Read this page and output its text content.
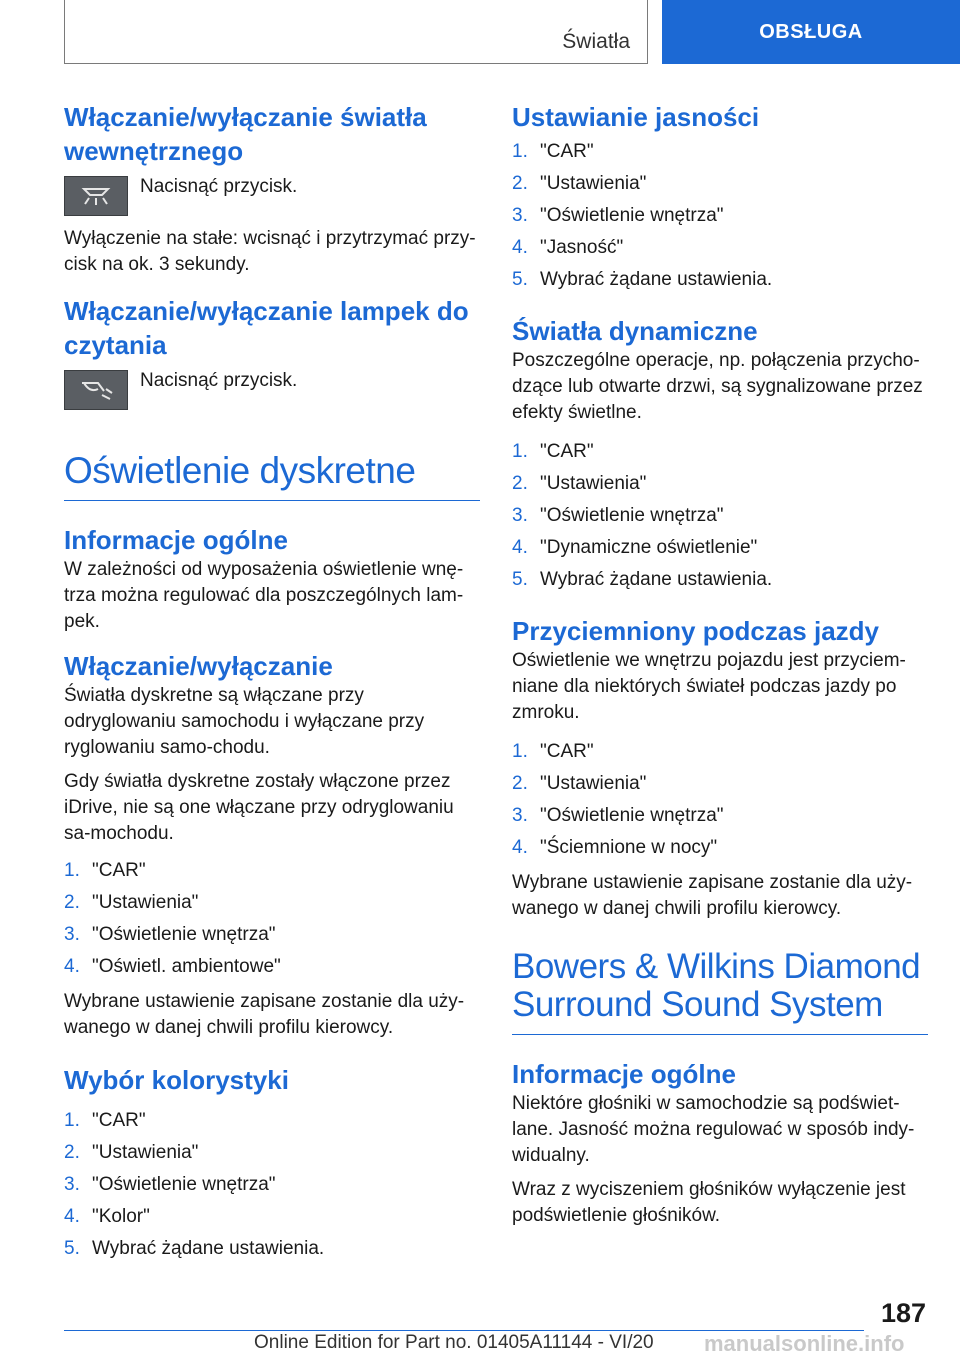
Światła	OBSŁUGA
Włączanie/wyłączanie światła wewnętrznego
Nacisnąć przycisk.

Wyłączenie na stałe: wcisnąć i przytrzymać przy-cisk na ok. 3 sekundy.

Włączanie/wyłączanie lampek do czytania
Nacisnąć przycisk.
Oświetlenie dyskretne
Informacje ogólne

W zależności od wyposażenia oświetlenie wnę-trza można regulować dla poszczególnych lam-pek.

Włączanie/wyłączanie

Światła dyskretne są włączane przy odryglowaniu samochodu i wyłączane przy ryglowaniu samo-chodu.

Gdy światła dyskretne zostały włączone przez iDrive, nie są one włączane przy odryglowaniu sa-mochodu.

1. "CAR"
2. "Ustawienia"
3. "Oświetlenie wnętrza"
4. "Oświetl. ambientowe"

Wybrane ustawienie zapisane zostanie dla uży-wanego w danej chwili profilu kierowcy.

Wybór kolorystyki
1. "CAR"
2. "Ustawienia"
3. "Oświetlenie wnętrza"
4. "Kolor"
5. Wybrać żądane ustawienia.
Ustawianie jasności
1. "CAR"
2. "Ustawienia"
3. "Oświetlenie wnętrza"
4. "Jasność"
5. Wybrać żądane ustawienia.
Światła dynamiczne

Poszczególne operacje, np. połączenia przycho-dzące lub otwarte drzwi, są sygnalizowane przez efekty świetlne.

1. "CAR"
2. "Ustawienia"
3. "Oświetlenie wnętrza"
4. "Dynamiczne oświetlenie"
5. Wybrać żądane ustawienia.
Przyciemniony podczas jazdy

Oświetlenie we wnętrzu pojazdu jest przyciem-niane dla niektórych świateł podczas jazdy po zmroku.

1. "CAR"
2. "Ustawienia"
3. "Oświetlenie wnętrza"
4. "Ściemnione w nocy"

Wybrane ustawienie zapisane zostanie dla uży-wanego w danej chwili profilu kierowcy.

Bowers & Wilkins Diamond Surround Sound System
Informacje ogólne

Niektóre głośniki w samochodzie są podświet-lane. Jasność można regulować w sposób indy-widualny.

Wraz z wyciszeniem głośników wyłączenie jest podświetlenie głośników.

187
Online Edition for Part no. 01405A11144 - VI/20 manualsonline.info
